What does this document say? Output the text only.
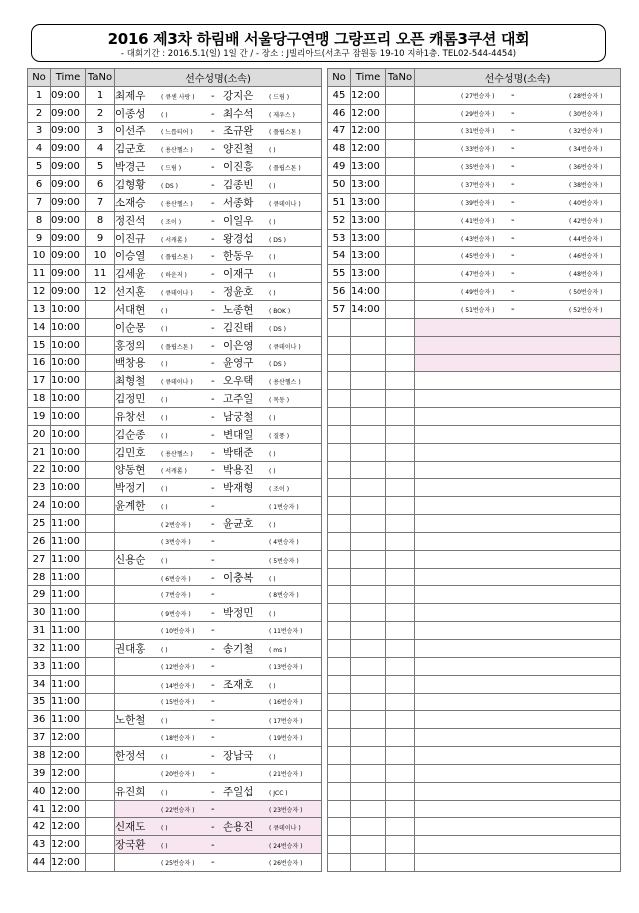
2016 제3차 하림배 서울당구연맹 그랑프리 오픈 캐롬3쿠션 대회
- 대회기간 : 2016.5.1(일) 1일 간 / - 장소 : J빌리아드(서초구 잠원동 19-10 지하1층. TEL02-544-4454)
No	Time	TaNo	선수성명(소속)
1	09:00	1	최제우 ( 큐센 사랑 ) - 강지은 ( 드림 )
2	09:00	2	이종성 ( ) - 최수석 ( 제우스 )
3	09:00	3	이선주 ( 느릅티어 ) - 조규완 ( 플립스톤 )
4	09:00	4	김군호 ( 용산헬스 ) - 양진철 ( )
5	09:00	5	박경근 ( 드림 ) - 이진흥 ( 플립스톤 )
6	09:00	6	김형황 ( DS ) - 김종빈 ( )
7	09:00	7	소재승 ( 용산헬스 ) - 서종화 ( 큐데이나 )
8	09:00	8	정진석 ( 조이 ) - 이일우 ( )
9	09:00	9	이진규 ( 서캐롬 ) - 왕경섭 ( DS )
10	09:00	10	이승열 ( 플립스톤 ) - 한동우 ( )
11	09:00	11	김세윤 ( 하운저 ) - 이재구 ( )
12	09:00	12	선지훈 ( 큐데이나 ) - 정윤호 ( )
13	10:00		서대현 ( ) - 노종현 ( BOK )
14	10:00		이순몽 ( ) - 김진태 ( DS )
15	10:00		홍정의 ( 플립스톤 ) - 이은영 ( 큐데이나 )
16	10:00		백창용 ( ) - 윤영구 ( DS )
17	10:00		최형철 ( 큐데이나 ) - 오우택 ( 용산헬스 )
18	10:00		김정민 ( ) - 고주일 ( 목동 )
19	10:00		유창선 ( ) - 남궁철 ( )
20	10:00		김순종 ( ) - 변대일 ( 질풍 )
21	10:00		김민호 ( 용산헬스 ) - 박태준 ( )
22	10:00		양동현 ( 서캐롬 ) - 박용진 ( )
23	10:00		박정기 ( ) - 박재형 ( 조이 )
24	10:00		윤계한 ( ) - ( 1번승자 )
25	11:00		( 2번승자 ) - 윤균호 ( )
26	11:00		( 3번승자 ) - ( 4번승자 )
27	11:00		신용순 ( ) - ( 5번승자 )
28	11:00		( 6번승자 ) - 이충복 ( )
29	11:00		( 7번승자 ) - ( 8번승자 )
30	11:00		( 9번승자 ) - 박정민 ( )
31	11:00		( 10번승자 ) - ( 11번승자 )
32	11:00		권대홍 ( ) - 송기철 ( ms )
33	11:00		( 12번승자 ) - ( 13번승자 )
34	11:00		( 14번승자 ) - 조재호 ( )
35	11:00		( 15번승자 ) - ( 16번승자 )
36	11:00		노한철 ( ) - ( 17번승자 )
37	12:00		( 18번승자 ) - ( 19번승자 )
38	12:00		한정석 ( ) - 장남국 ( )
39	12:00		( 20번승자 ) - ( 21번승자 )
40	12:00		유진희 ( ) - 주일섭 ( JCC )
41	12:00		( 22번승자 ) - ( 23번승자 )
42	12:00		신재도 ( ) - 손용진 ( 큐데이나 )
43	12:00		장국환 ( ) - ( 24번승자 )
44	12:00		( 25번승자 ) - ( 26번승자 )
No	Time	TaNo	선수성명(소속)
45	12:00		( 27번승자 ) - ( 28번승자 )
46	12:00		( 29번승자 ) - ( 30번승자 )
47	12:00		( 31번승자 ) - ( 32번승자 )
48	12:00		( 33번승자 ) - ( 34번승자 )
49	13:00		( 35번승자 ) - ( 36번승자 )
50	13:00		( 37번승자 ) - ( 38번승자 )
51	13:00		( 39번승자 ) - ( 40번승자 )
52	13:00		( 41번승자 ) - ( 42번승자 )
53	13:00		( 43번승자 ) - ( 44번승자 )
54	13:00		( 45번승자 ) - ( 46번승자 )
55	13:00		( 47번승자 ) - ( 48번승자 )
56	14:00		( 49번승자 ) - ( 50번승자 )
57	14:00		( 51번승자 ) - ( 52번승자 )
